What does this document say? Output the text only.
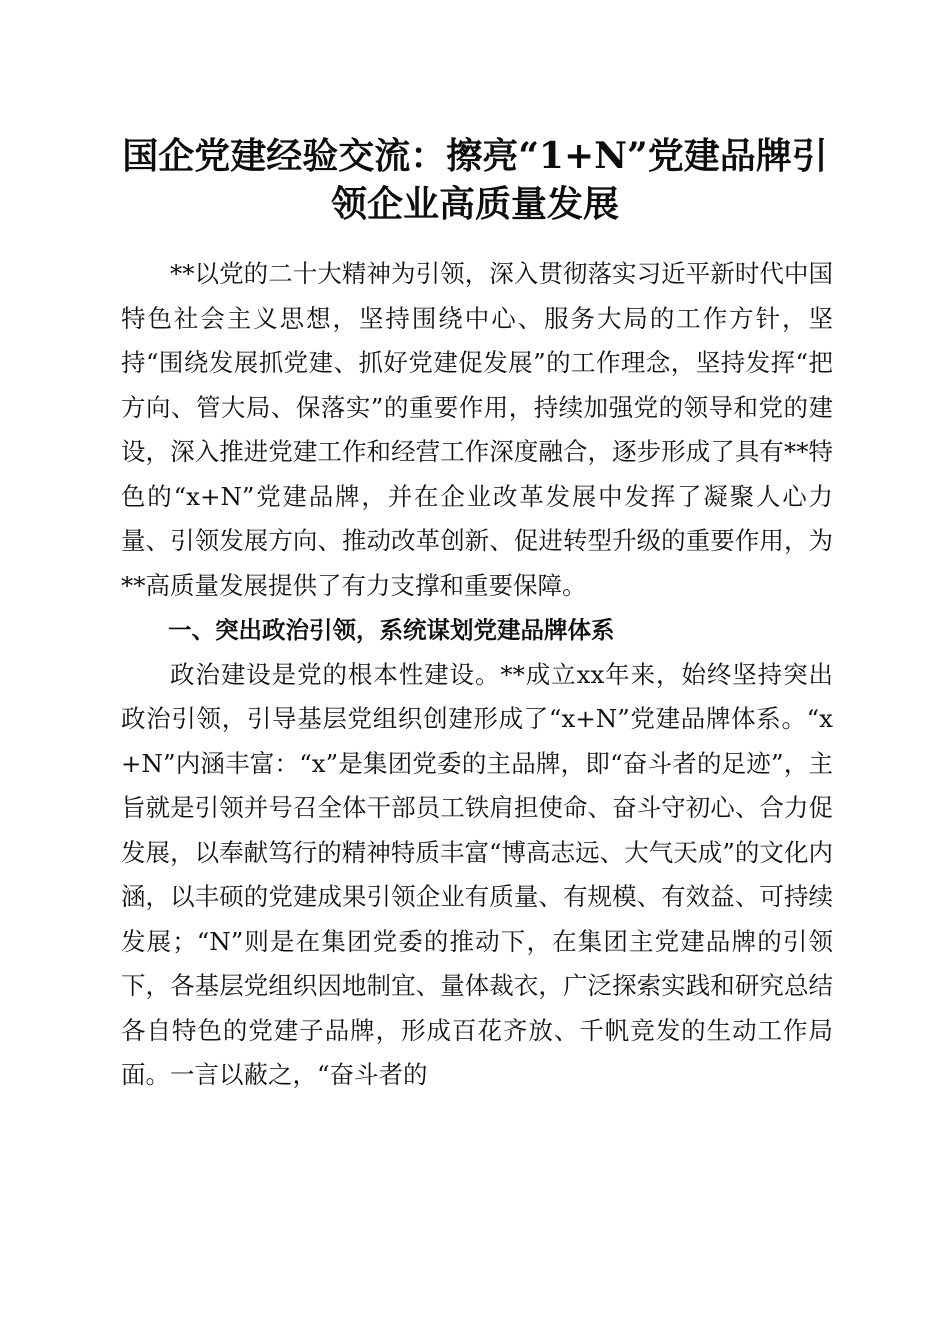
国企党建经验交流：擦亮“1+N”党建品牌引
领企业高质量发展

**以党的二十大精神为引领，深入贯彻落实习近平新时代中国特色社会主义思想，坚持围绕中心、服务大局的工作方针，坚持“围绕发展抓党建、抓好党建促发展”的工作理念，坚持发挥“把方向、管大局、保落实”的重要作用，持续加强党的领导和党的建设，深入推进党建工作和经营工作深度融合，逐步形成了具有**特色的“x+N”党建品牌，并在企业改革发展中发挥了凝聚人心力量、引领发展方向、推动改革创新、促进转型升级的重要作用，为**高质量发展提供了有力支撑和重要保障。

一、突出政治引领，系统谋划党建品牌体系

政治建设是党的根本性建设。**成立xx年来，始终坚持突出政治引领，引导基层党组织创建形成了“x+N”党建品牌体系。“x+N”内涵丰富：“x”是集团党委的主品牌，即“奋斗者的足迹”，主旨就是引领并号召全体干部员工铁肩担使命、奋斗守初心、合力促发展，以奉献笃行的精神特质丰富“博高志远、大气天成”的文化内涵，以丰硕的党建成果引领企业有质量、有规模、有效益、可持续发展；“N”则是在集团党委的推动下，在集团主党建品牌的引领下，各基层党组织因地制宜、量体裁衣，广泛探索实践和研究总结各自特色的党建子品牌，形成百花齐放、千帆竞发的生动工作局面。一言以蔽之，“奋斗者的
